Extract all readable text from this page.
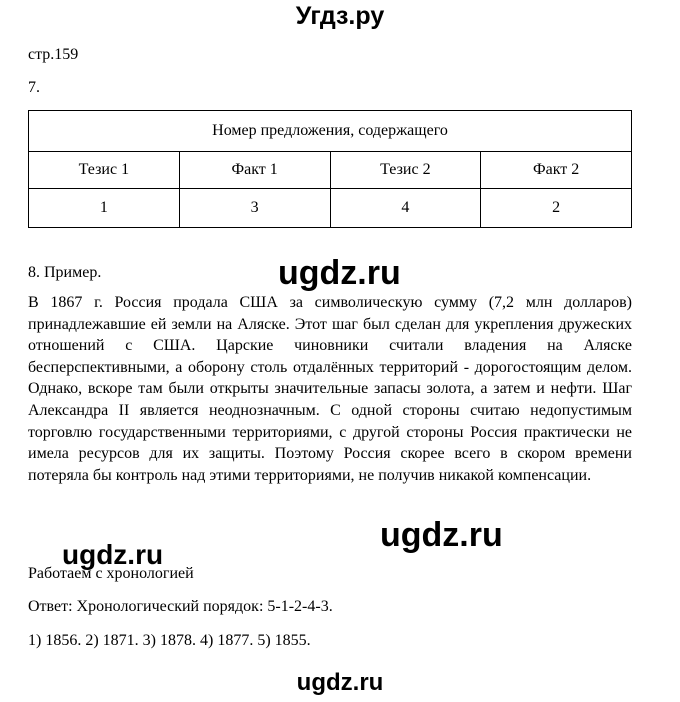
Угдз.ру
стр.159
7.
Номер предложения, содержащего			
Тезис 1	Факт 1	Тезис 2	Факт 2
1	3	4	2
ugdz.ru
8. Пример.
В 1867 г. Россия продала США за символическую сумму (7,2 млн долларов) принадлежавшие ей земли на Аляске. Этот шаг был сделан для укрепления дружеских отношений с США. Царские чиновники считали владения на Аляске бесперспективными, а оборону столь отдалённых территорий - дорогостоящим делом. Однако, вскоре там были открыты значительные запасы золота, а затем и нефти. Шаг Александра II является неоднозначным. С одной стороны считаю недопустимым торговлю государственными территориями, с другой стороны Россия практически не имела ресурсов для их защиты. Поэтому Россия скорее всего в скором времени потеряла бы контроль над этими территориями, не получив никакой компенсации.
ugdz.ru
ugdz.ru
Работаем с хронологией
Ответ: Хронологический порядок: 5-1-2-4-3.
1) 1856. 2) 1871. 3) 1878. 4) 1877. 5) 1855.
ugdz.ru
